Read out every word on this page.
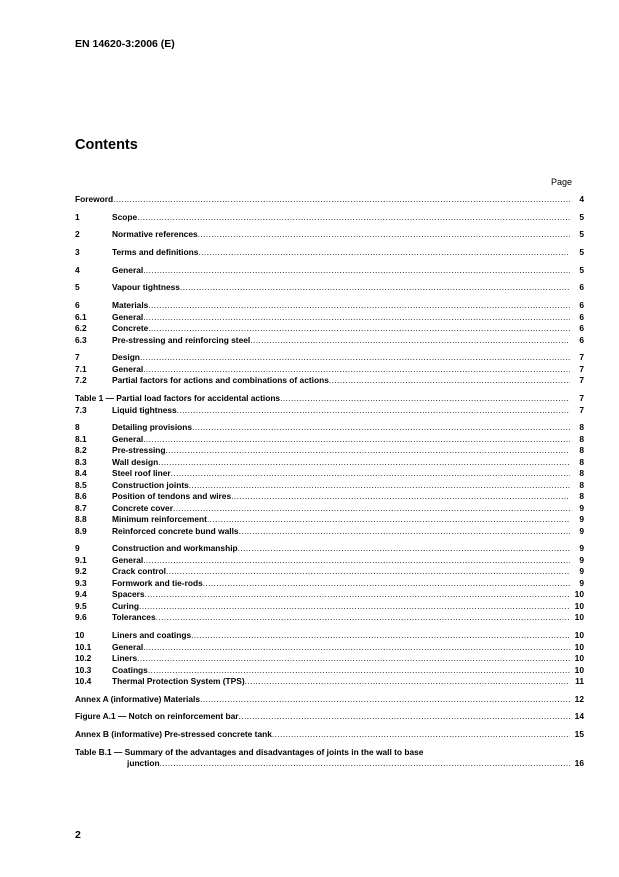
EN 14620-3:2006 (E)
Contents
Page
Foreword .....	4
1	Scope .....	5
2	Normative references .....	5
3	Terms and definitions .....	5
4	General .....	5
5	Vapour tightness .....	6
6	Materials .....	6
6.1	General .....	6
6.2	Concrete .....	6
6.3	Pre-stressing and reinforcing steel .....	6
7	Design .....	7
7.1	General .....	7
7.2	Partial factors for actions and combinations of actions .....	7
Table 1 — Partial load factors for accidental actions .....	7
7.3	Liquid tightness .....	7
8	Detailing provisions .....	8
8.1	General .....	8
8.2	Pre-stressing .....	8
8.3	Wall design .....	8
8.4	Steel roof liner .....	8
8.5	Construction joints .....	8
8.6	Position of tendons and wires .....	8
8.7	Concrete cover .....	9
8.8	Minimum reinforcement .....	9
8.9	Reinforced concrete bund walls .....	9
9	Construction and workmanship .....	9
9.1	General .....	9
9.2	Crack control .....	9
9.3	Formwork and tie-rods .....	9
9.4	Spacers .....	10
9.5	Curing .....	10
9.6	Tolerances .....	10
10	Liners and coatings .....	10
10.1 General .....	10
10.2 Liners .....	10
10.3 Coatings .....	10
10.4 Thermal Protection System (TPS) .....	11
Annex A (informative) Materials .....	12
Figure A.1 — Notch on reinforcement bar .....	14
Annex B (informative) Pre-stressed concrete tank .....	15
Table B.1 — Summary of the advantages and disadvantages of joints in the wall to base
junction .....	16
2
